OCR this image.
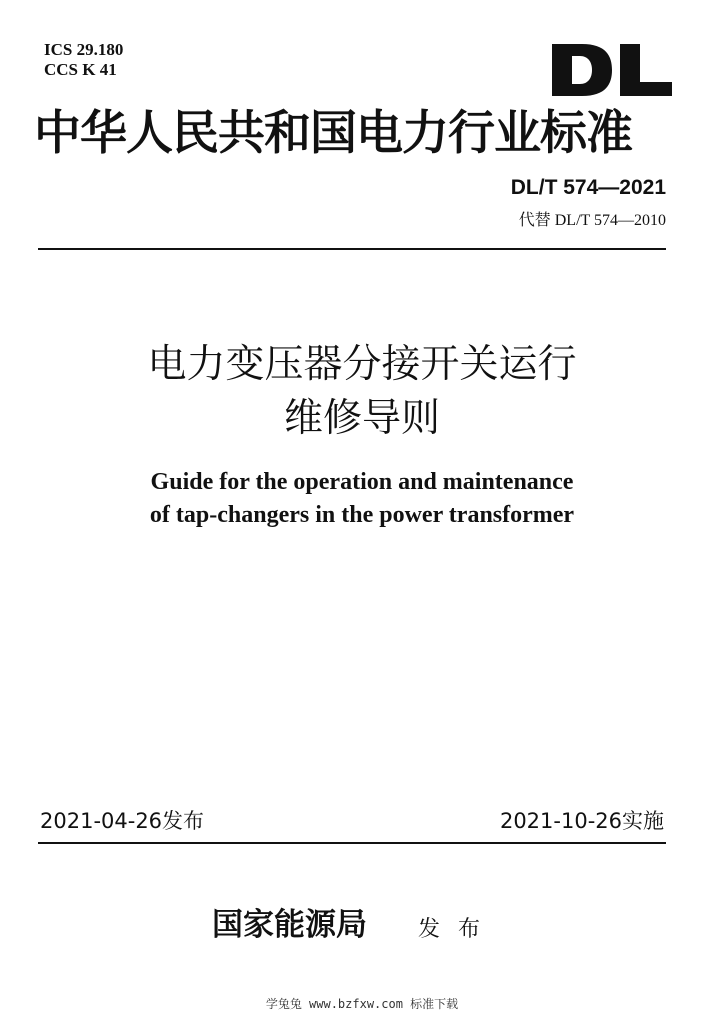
ICS 29.180
CCS K 41
中华人民共和国电力行业标准
DL/T 574—2021
代替 DL/T 574—2010
电力变压器分接开关运行
维修导则
Guide for the operation and maintenance
of tap-changers in the power transformer
2021-04-26发布	2021-10-26实施
国家能源局 发布
学兔兔 www.bzfxw.com 标准下载
